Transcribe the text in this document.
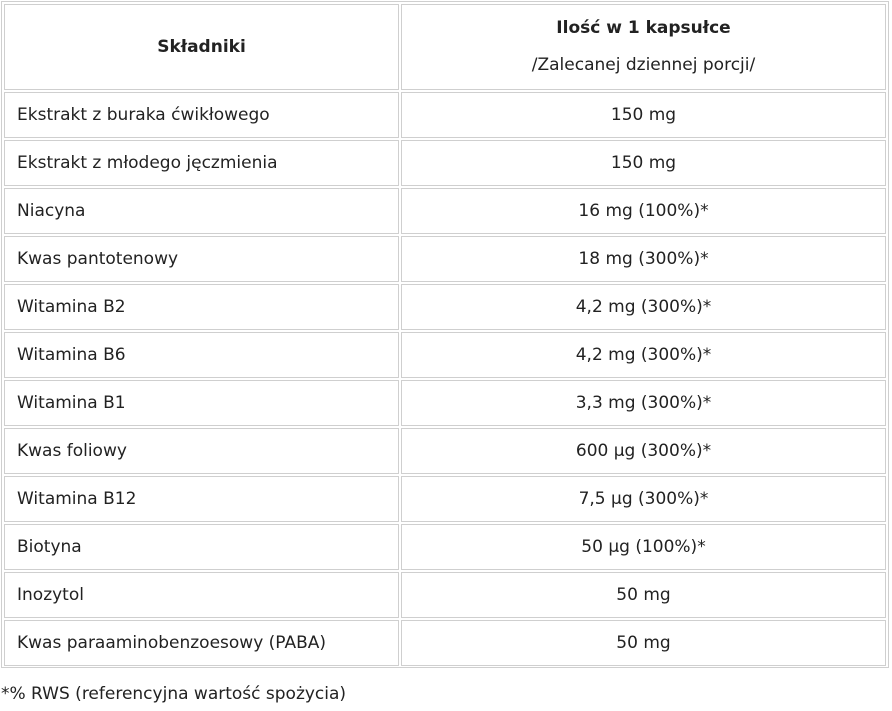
Składniki	Ilość w 1 kapsułce
/Zalecanej dziennej porcji/

Ekstrakt z buraka ćwikłowego	150 mg
Ekstrakt z młodego jęczmienia	150 mg
Niacyna	16 mg (100%)*
Kwas pantotenowy	18 mg (300%)*
Witamina B2	4,2 mg (300%)*
Witamina B6	4,2 mg (300%)*
Witamina B1	3,3 mg (300%)*
Kwas foliowy	600 µg (300%)*
Witamina B12	7,5 µg (300%)*
Biotyna	50 µg (100%)*
Inozytol	50 mg
Kwas paraaminobenzoesowy (PABA)	50 mg
*% RWS (referencyjna wartość spożycia)
